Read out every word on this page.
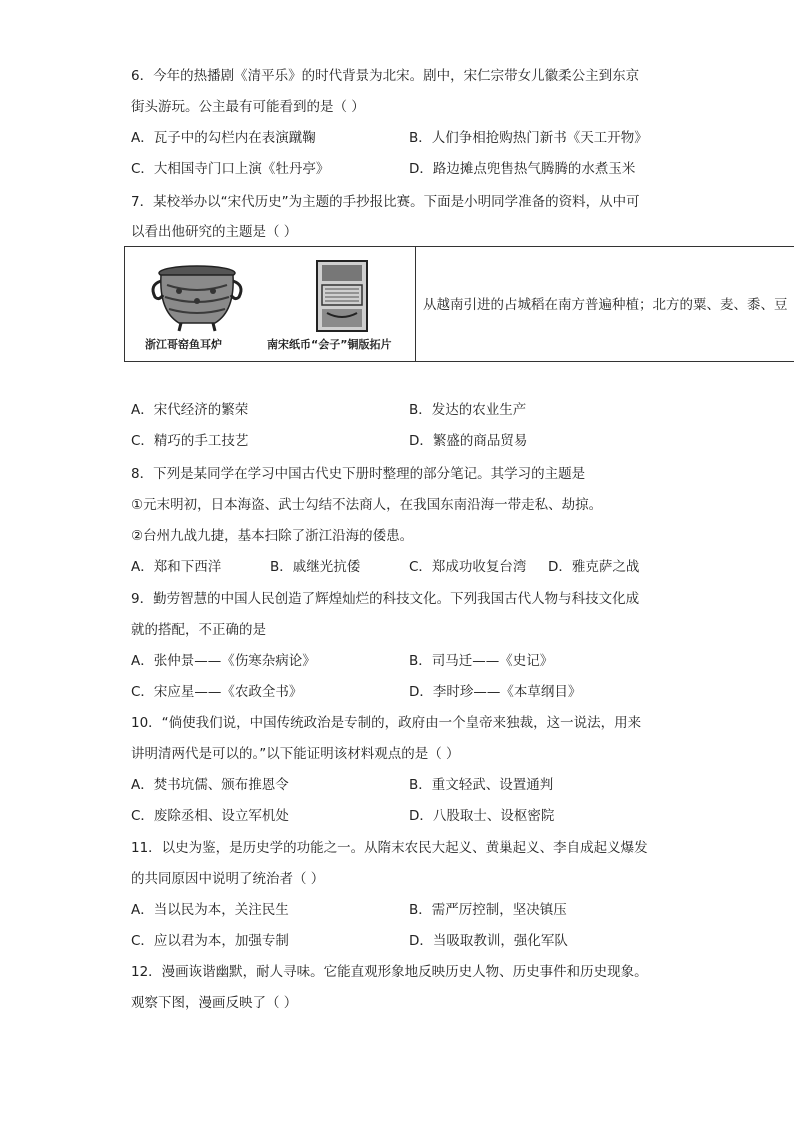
6．今年的热播剧《清平乐》的时代背景为北宋。剧中，宋仁宗带女儿徽柔公主到东京
街头游玩。公主最有可能看到的是（ ）
A．瓦子中的勾栏内在表演蹴鞠	B．人们争相抢购热门新书《天工开物》
C．大相国寺门口上演《牡丹亭》	D．路边摊点兜售热气腾腾的水煮玉米
7．某校举办以“宋代历史”为主题的手抄报比赛。下面是小明同学准备的资料，从中可
以看出他研究的主题是（ ）
浙江哥窑鱼耳炉	南宋纸币“会子”铜版拓片
从越南引进的占城稻在南方普遍种植；北方的粟、麦、黍、豆
A．宋代经济的繁荣	B．发达的农业生产
C．精巧的手工技艺	D．繁盛的商品贸易
8．下列是某同学在学习中国古代史下册时整理的部分笔记。其学习的主题是
①元末明初，日本海盗、武士勾结不法商人，在我国东南沿海一带走私、劫掠。
②台州九战九捷，基本扫除了浙江沿海的倭患。
A．郑和下西洋	B．戚继光抗倭	C．郑成功收复台湾 D．雅克萨之战
9．勤劳智慧的中国人民创造了辉煌灿烂的科技文化。下列我国古代人物与科技文化成
就的搭配，不正确的是
A．张仲景——《伤寒杂病论》	B．司马迁——《史记》
C．宋应星——《农政全书》	D．李时珍——《本草纲目》
10．“倘使我们说，中国传统政治是专制的，政府由一个皇帝来独裁，这一说法，用来
讲明清两代是可以的。”以下能证明该材料观点的是（ ）
A．焚书坑儒、颁布推恩令	B．重文轻武、设置通判
C．废除丞相、设立军机处	D．八股取士、设枢密院
11．以史为鉴，是历史学的功能之一。从隋末农民大起义、黄巢起义、李自成起义爆发
的共同原因中说明了统治者（ ）
A．当以民为本，关注民生	B．需严厉控制，坚决镇压
C．应以君为本，加强专制	D．当吸取教训，强化军队
12．漫画诙谐幽默，耐人寻味。它能直观形象地反映历史人物、历史事件和历史现象。
观察下图，漫画反映了（ ）
